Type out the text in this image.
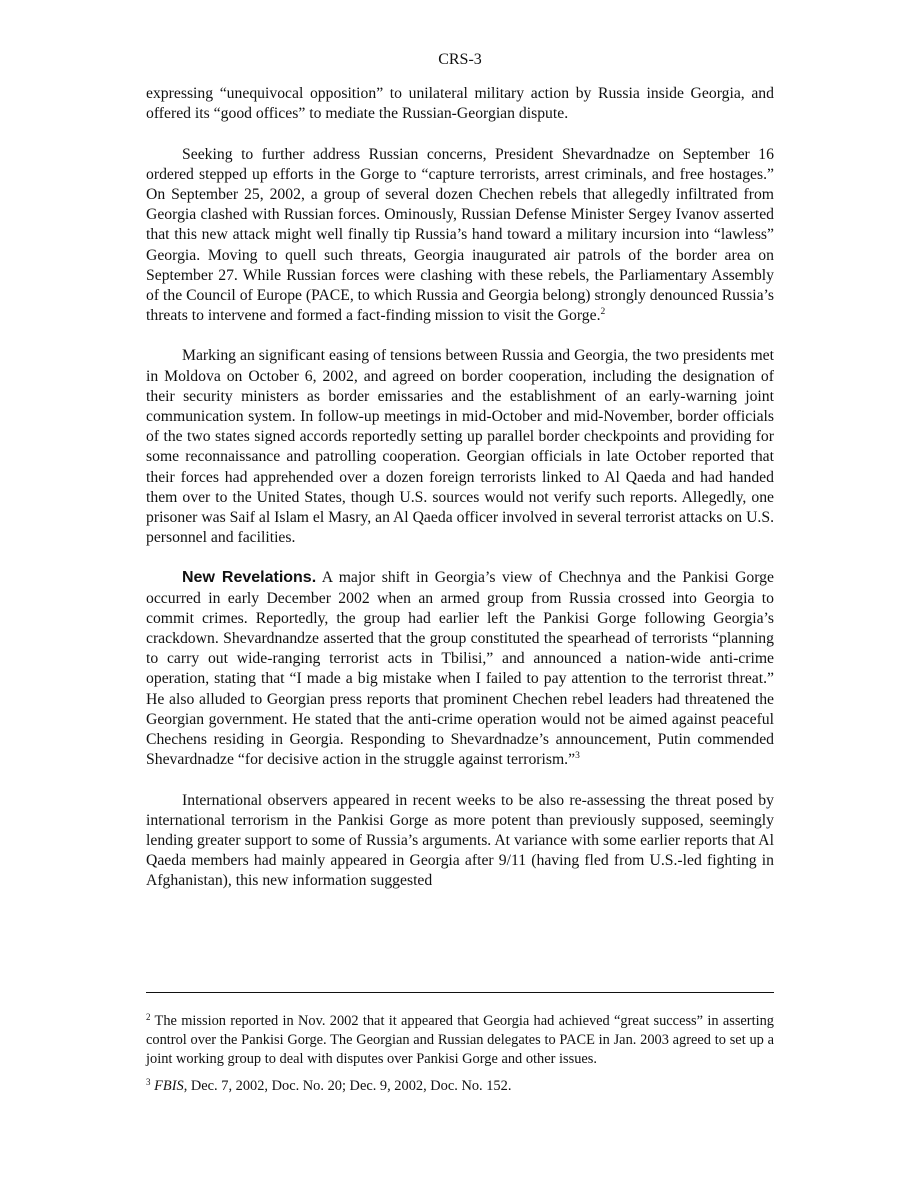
CRS-3

expressing “unequivocal opposition” to unilateral military action by Russia inside Georgia, and offered its “good offices” to mediate the Russian-Georgian dispute.

Seeking to further address Russian concerns, President Shevardnadze on September 16 ordered stepped up efforts in the Gorge to “capture terrorists, arrest criminals, and free hostages.” On September 25, 2002, a group of several dozen Chechen rebels that allegedly infiltrated from Georgia clashed with Russian forces. Ominously, Russian Defense Minister Sergey Ivanov asserted that this new attack might well finally tip Russia’s hand toward a military incursion into “lawless” Georgia. Moving to quell such threats, Georgia inaugurated air patrols of the border area on September 27. While Russian forces were clashing with these rebels, the Parliamentary Assembly of the Council of Europe (PACE, to which Russia and Georgia belong) strongly denounced Russia’s threats to intervene and formed a fact-finding mission to visit the Gorge.$^2$

Marking an significant easing of tensions between Russia and Georgia, the two presidents met in Moldova on October 6, 2002, and agreed on border cooperation, including the designation of their security ministers as border emissaries and the establishment of an early-warning joint communication system. In follow-up meetings in mid-October and mid-November, border officials of the two states signed accords reportedly setting up parallel border checkpoints and providing for some reconnaissance and patrolling cooperation. Georgian officials in late October reported that their forces had apprehended over a dozen foreign terrorists linked to Al Qaeda and had handed them over to the United States, though U.S. sources would not verify such reports. Allegedly, one prisoner was Saif al Islam el Masry, an Al Qaeda officer involved in several terrorist attacks on U.S. personnel and facilities.

New Revelations. A major shift in Georgia’s view of Chechnya and the Pankisi Gorge occurred in early December 2002 when an armed group from Russia crossed into Georgia to commit crimes. Reportedly, the group had earlier left the Pankisi Gorge following Georgia’s crackdown. Shevardnandze asserted that the group constituted the spearhead of terrorists “planning to carry out wide-ranging terrorist acts in Tbilisi,” and announced a nation-wide anti-crime operation, stating that “I made a big mistake when I failed to pay attention to the terrorist threat.” He also alluded to Georgian press reports that prominent Chechen rebel leaders had threatened the Georgian government. He stated that the anti-crime operation would not be aimed against peaceful Chechens residing in Georgia. Responding to Shevardnadze’s announcement, Putin commended Shevardnadze “for decisive action in the struggle against terrorism.”$^3$

International observers appeared in recent weeks to be also re-assessing the threat posed by international terrorism in the Pankisi Gorge as more potent than previously supposed, seemingly lending greater support to some of Russia’s arguments. At variance with some earlier reports that Al Qaeda members had mainly appeared in Georgia after 9/11 (having fled from U.S.-led fighting in Afghanistan), this new information suggested

$^2$ The mission reported in Nov. 2002 that it appeared that Georgia had achieved “great success” in asserting control over the Pankisi Gorge. The Georgian and Russian delegates to PACE in Jan. 2003 agreed to set up a joint working group to deal with disputes over Pankisi Gorge and other issues.

$^3$ FBIS, Dec. 7, 2002, Doc. No. 20; Dec. 9, 2002, Doc. No. 152.
